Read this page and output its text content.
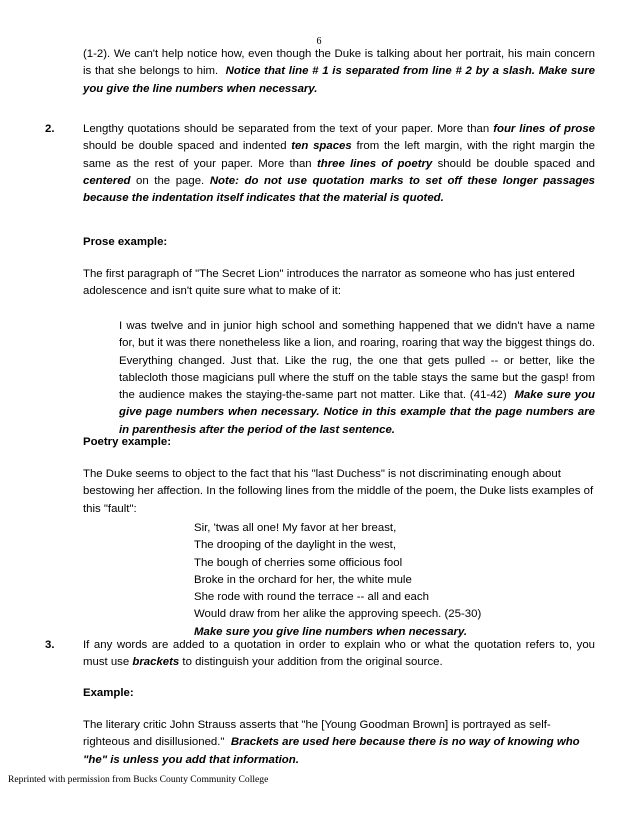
6

(1-2). We can't help notice how, even though the Duke is talking about her portrait, his main concern is that she belongs to him. Notice that line # 1 is separated from line # 2 by a slash. Make sure you give the line numbers when necessary.

2.	Lengthy quotations should be separated from the text of your paper. More than four lines of prose should be double spaced and indented ten spaces from the left margin, with the right margin the same as the rest of your paper. More than three lines of poetry should be double spaced and centered on the page. Note: do not use quotation marks to set off these longer passages because the indentation itself indicates that the material is quoted.

Prose example:

The first paragraph of "The Secret Lion" introduces the narrator as someone who has just entered adolescence and isn't quite sure what to make of it:

I was twelve and in junior high school and something happened that we didn't have a name for, but it was there nonetheless like a lion, and roaring, roaring that way the biggest things do. Everything changed. Just that. Like the rug, the one that gets pulled -- or better, like the tablecloth those magicians pull where the stuff on the table stays the same but the gasp! from the audience makes the staying-the-same part not matter. Like that. (41-42) Make sure you give page numbers when necessary. Notice in this example that the page numbers are in parenthesis after the period of the last sentence.

Poetry example:

The Duke seems to object to the fact that his "last Duchess" is not discriminating enough about bestowing her affection. In the following lines from the middle of the poem, the Duke lists examples of this "fault":

Sir, 'twas all one! My favor at her breast,
The drooping of the daylight in the west,
The bough of cherries some officious fool
Broke in the orchard for her, the white mule
She rode with round the terrace -- all and each
Would draw from her alike the approving speech. (25-30)
Make sure you give line numbers when necessary.
3.	If any words are added to a quotation in order to explain who or what the quotation refers to, you must use brackets to distinguish your addition from the original source.

Example:

The literary critic John Strauss asserts that "he [Young Goodman Brown] is portrayed as self-righteous and disillusioned." Brackets are used here because there is no way of knowing who "he" is unless you add that information.

Reprinted with permission from Bucks County Community College
